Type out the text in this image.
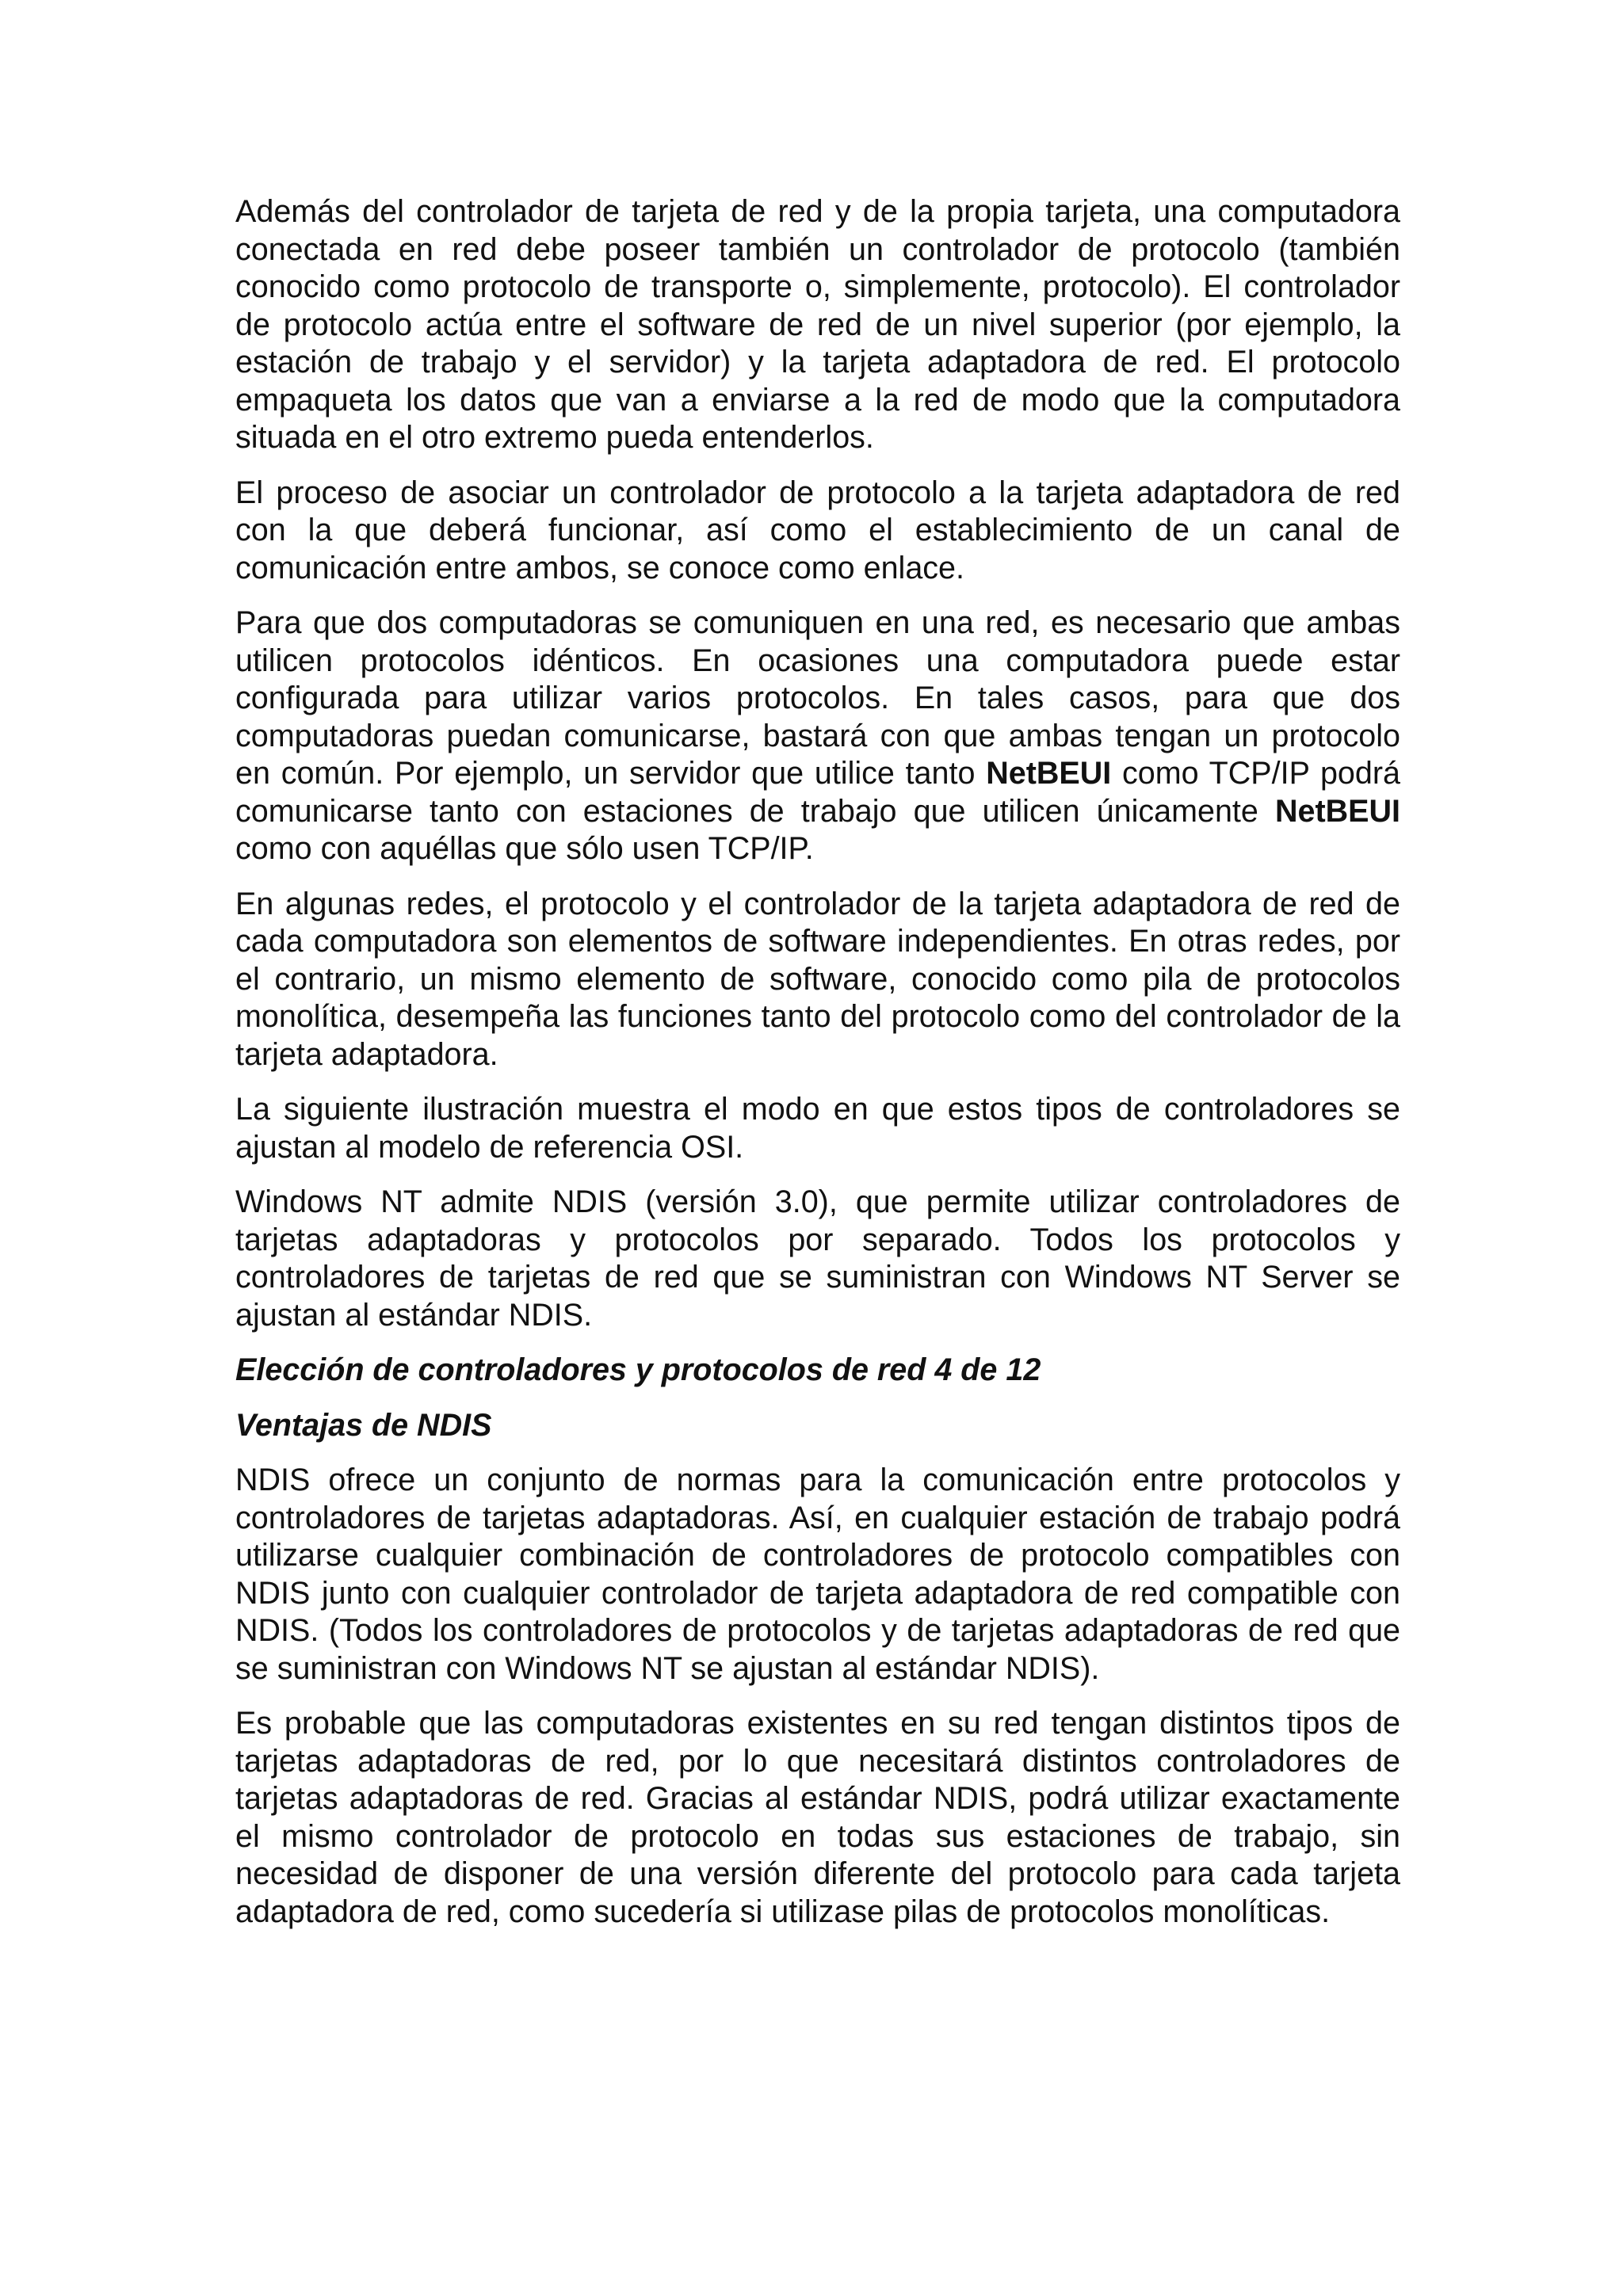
Además del controlador de tarjeta de red y de la propia tarjeta, una computadora conectada en red debe poseer también un controlador de protocolo (también conocido como protocolo de transporte o, simplemente, protocolo). El controlador de protocolo actúa entre el software de red de un nivel superior (por ejemplo, la estación de trabajo y el servidor) y la tarjeta adaptadora de red. El protocolo empaqueta los datos que van a enviarse a la red de modo que la computadora situada en el otro extremo pueda entenderlos.

El proceso de asociar un controlador de protocolo a la tarjeta adaptadora de red con la que deberá funcionar, así como el establecimiento de un canal de comunicación entre ambos, se conoce como enlace.

Para que dos computadoras se comuniquen en una red, es necesario que ambas utilicen protocolos idénticos. En ocasiones una computadora puede estar configurada para utilizar varios protocolos. En tales casos, para que dos computadoras puedan comunicarse, bastará con que ambas tengan un protocolo en común. Por ejemplo, un servidor que utilice tanto NetBEUI como TCP/IP podrá comunicarse tanto con estaciones de trabajo que utilicen únicamente NetBEUI como con aquéllas que sólo usen TCP/IP.

En algunas redes, el protocolo y el controlador de la tarjeta adaptadora de red de cada computadora son elementos de software independientes. En otras redes, por el contrario, un mismo elemento de software, conocido como pila de protocolos monolítica, desempeña las funciones tanto del protocolo como del controlador de la tarjeta adaptadora.

La siguiente ilustración muestra el modo en que estos tipos de controladores se ajustan al modelo de referencia OSI.

Windows NT admite NDIS (versión 3.0), que permite utilizar controladores de tarjetas adaptadoras y protocolos por separado. Todos los protocolos y controladores de tarjetas de red que se suministran con Windows NT Server se ajustan al estándar NDIS.

Elección de controladores y protocolos de red 4 de 12

Ventajas de NDIS

NDIS ofrece un conjunto de normas para la comunicación entre protocolos y controladores de tarjetas adaptadoras. Así, en cualquier estación de trabajo podrá utilizarse cualquier combinación de controladores de protocolo compatibles con NDIS junto con cualquier controlador de tarjeta adaptadora de red compatible con NDIS. (Todos los controladores de protocolos y de tarjetas adaptadoras de red que se suministran con Windows NT se ajustan al estándar NDIS).

Es probable que las computadoras existentes en su red tengan distintos tipos de tarjetas adaptadoras de red, por lo que necesitará distintos controladores de tarjetas adaptadoras de red. Gracias al estándar NDIS, podrá utilizar exactamente el mismo controlador de protocolo en todas sus estaciones de trabajo, sin necesidad de disponer de una versión diferente del protocolo para cada tarjeta adaptadora de red, como sucedería si utilizase pilas de protocolos monolíticas.
